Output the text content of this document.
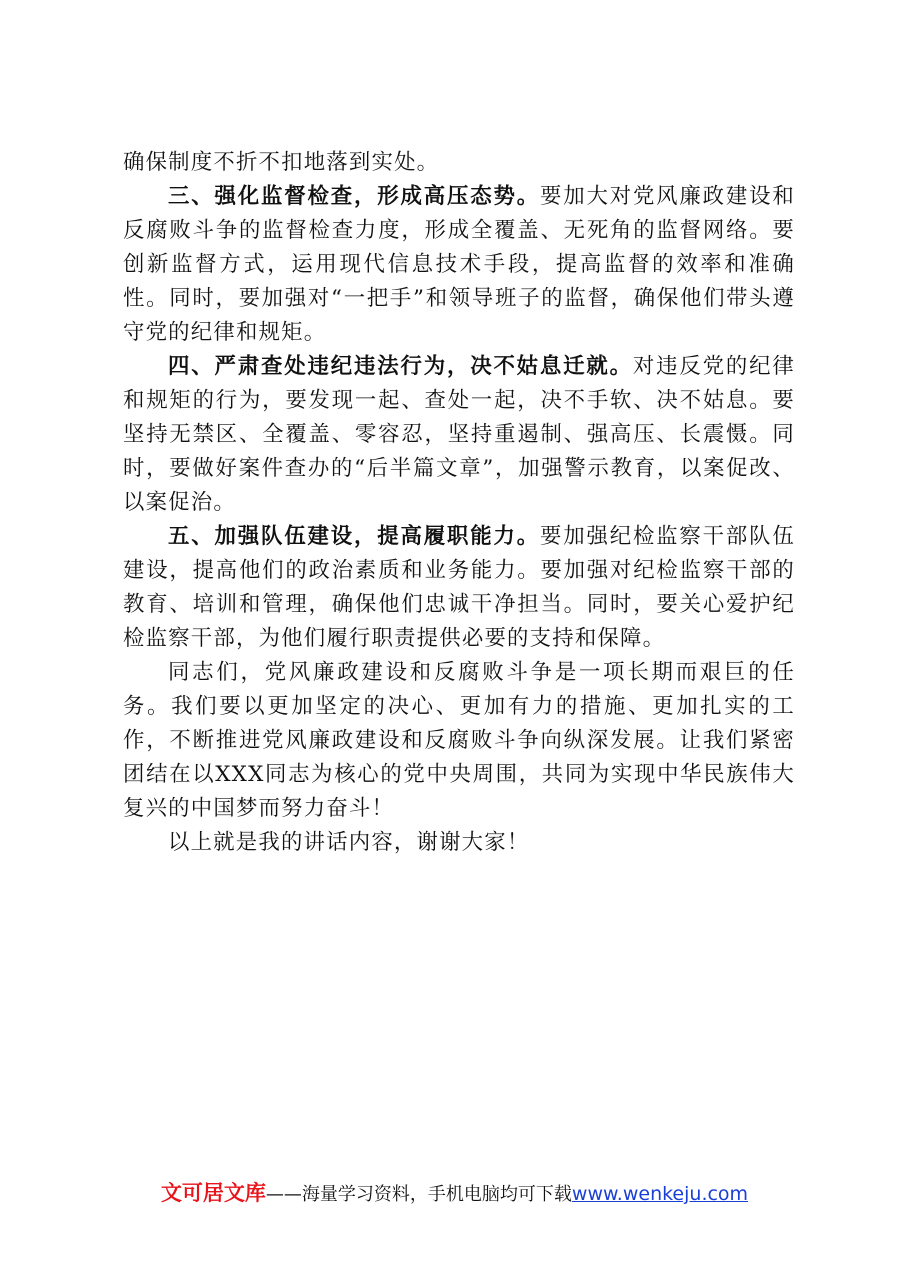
确保制度不折不扣地落到实处。

三、强化监督检查，形成高压态势。要加大对党风廉政建设和反腐败斗争的监督检查力度，形成全覆盖、无死角的监督网络。要创新监督方式，运用现代信息技术手段，提高监督的效率和准确性。同时，要加强对“一把手”和领导班子的监督，确保他们带头遵守党的纪律和规矩。

四、严肃查处违纪违法行为，决不姑息迁就。对违反党的纪律和规矩的行为，要发现一起、查处一起，决不手软、决不姑息。要坚持无禁区、全覆盖、零容忍，坚持重遏制、强高压、长震慑。同时，要做好案件查办的“后半篇文章”，加强警示教育，以案促改、以案促治。

五、加强队伍建设，提高履职能力。要加强纪检监察干部队伍建设，提高他们的政治素质和业务能力。要加强对纪检监察干部的教育、培训和管理，确保他们忠诚干净担当。同时，要关心爱护纪检监察干部，为他们履行职责提供必要的支持和保障。

同志们，党风廉政建设和反腐败斗争是一项长期而艰巨的任务。我们要以更加坚定的决心、更加有力的措施、更加扎实的工作，不断推进党风廉政建设和反腐败斗争向纵深发展。让我们紧密团结在以XXX同志为核心的党中央周围，共同为实现中华民族伟大复兴的中国梦而努力奋斗！

以上就是我的讲话内容，谢谢大家！

文可居文库——海量学习资料，手机电脑均可下载www.wenkeju.com
